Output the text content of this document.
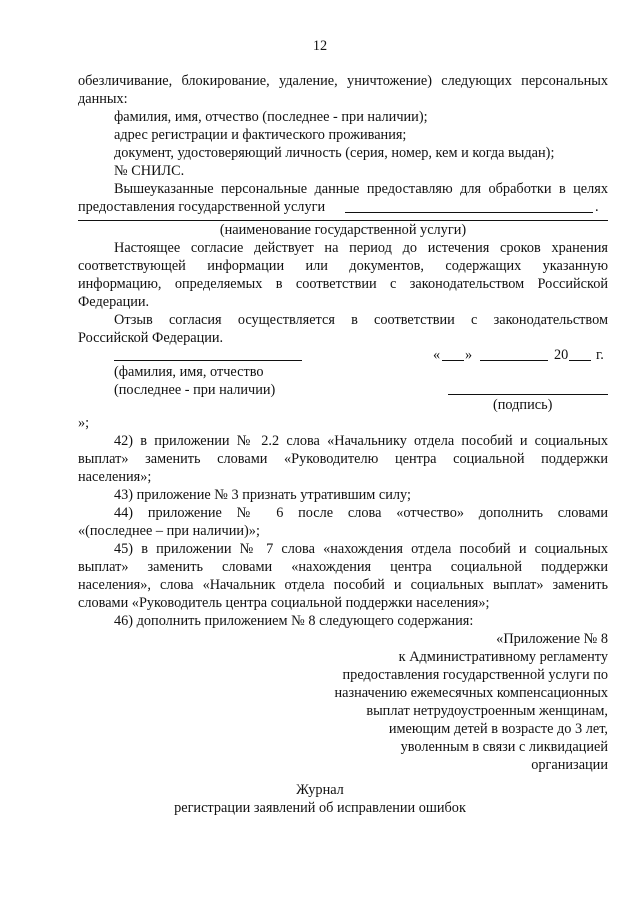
12
обезличивание, блокирование, удаление, уничтожение) следующих персональных
данных:
фамилия, имя, отчество (последнее - при наличии);
адрес регистрации и фактического проживания;
документ, удостоверяющий личность (серия, номер, кем и когда выдан);
№ СНИЛС.
Вышеуказанные персональные данные предоставляю для обработки в целях
предоставления государственной услуги	.
(наименование государственной услуги)
Настоящее согласие действует на период до истечения сроков хранения
соответствующей информации или документов, содержащих указанную
информацию, определяемых в соответствии с законодательством Российской
Федерации.
Отзыв согласия осуществляется в соответствии с законодательством
Российской Федерации.
(фамилия, имя, отчество
(последнее - при наличии)
« »	20 г.
(подпись)
»;
42) в приложении № 2.2 слова «Начальнику отдела пособий и социальных
выплат» заменить словами «Руководителю центра социальной поддержки
населения»;
43) приложение № 3 признать утратившим силу;
44) приложение № 6 после слова «отчество» дополнить словами
«(последнее – при наличии)»;
45) в приложении № 7 слова «нахождения отдела пособий и социальных
выплат» заменить словами «нахождения центра социальной поддержки
населения», слова «Начальник отдела пособий и социальных выплат» заменить
словами «Руководитель центра социальной поддержки населения»;
46) дополнить приложением № 8 следующего содержания:
«Приложение № 8
к Административному регламенту
предоставления государственной услуги по
назначению ежемесячных компенсационных
выплат нетрудоустроенным женщинам,
имеющим детей в возрасте до 3 лет,
уволенным в связи с ликвидацией
организации
Журнал
регистрации заявлений об исправлении ошибок
